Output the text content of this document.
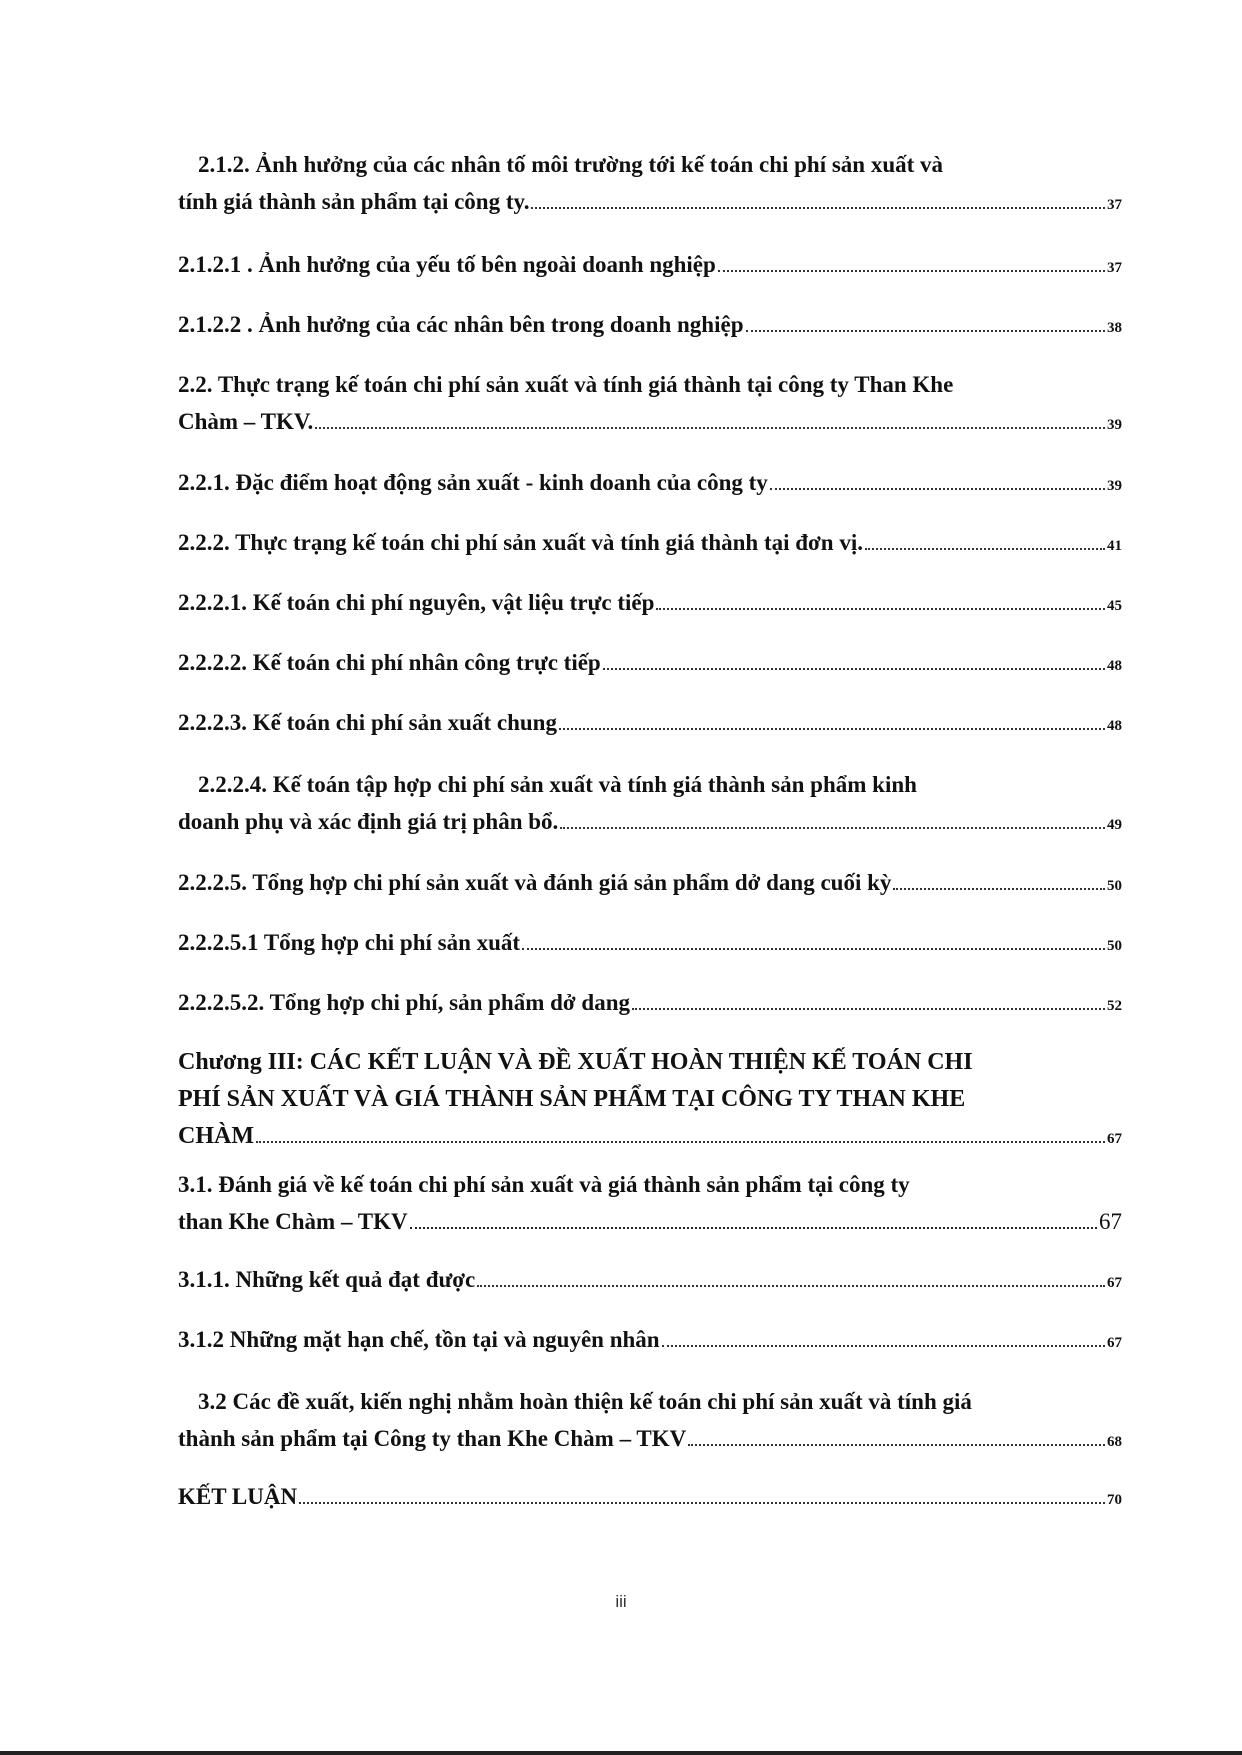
2.1.2. Ảnh hưởng của các nhân tố môi trường tới kế toán chi phí sản xuất và
tính giá thành sản phẩm tại công ty.	37
2.1.2.1 . Ảnh hưởng của yếu tố bên ngoài doanh nghiệp	37
2.1.2.2 . Ảnh hưởng của các nhân bên trong doanh nghiệp	38
2.2. Thực trạng kế toán chi phí sản xuất và tính giá thành tại công ty Than Khe
Chàm – TKV.	39
2.2.1. Đặc điểm hoạt động sản xuất - kinh doanh của công ty	39
2.2.2. Thực trạng kế toán chi phí sản xuất và tính giá thành tại đơn vị.	41
2.2.2.1. Kế toán chi phí nguyên, vật liệu trực tiếp	45
2.2.2.2. Kế toán chi phí nhân công trực tiếp	48
2.2.2.3. Kế toán chi phí sản xuất chung	48
2.2.2.4. Kế toán tập hợp chi phí sản xuất và tính giá thành sản phẩm kinh
doanh phụ và xác định giá trị phân bổ.	49
2.2.2.5. Tổng hợp chi phí sản xuất và đánh giá sản phẩm dở dang cuối kỳ	50
2.2.2.5.1 Tổng hợp chi phí sản xuất	50
2.2.2.5.2. Tổng hợp chi phí, sản phẩm dở dang	52
Chương III: CÁC KẾT LUẬN VÀ ĐỀ XUẤT HOÀN THIỆN KẾ TOÁN CHI
PHÍ SẢN XUẤT VÀ GIÁ THÀNH SẢN PHẨM TẠI CÔNG TY THAN KHE
CHÀM	67
3.1. Đánh giá về kế toán chi phí sản xuất và giá thành sản phẩm tại công ty
than Khe Chàm – TKV	67
3.1.1. Những kết quả đạt được	67
3.1.2 Những mặt hạn chế, tồn tại và nguyên nhân	67
3.2 Các đề xuất, kiến nghị nhằm hoàn thiện kế toán chi phí sản xuất và tính giá
thành sản phẩm tại Công ty than Khe Chàm – TKV	68
KẾT LUẬN	70
iii
